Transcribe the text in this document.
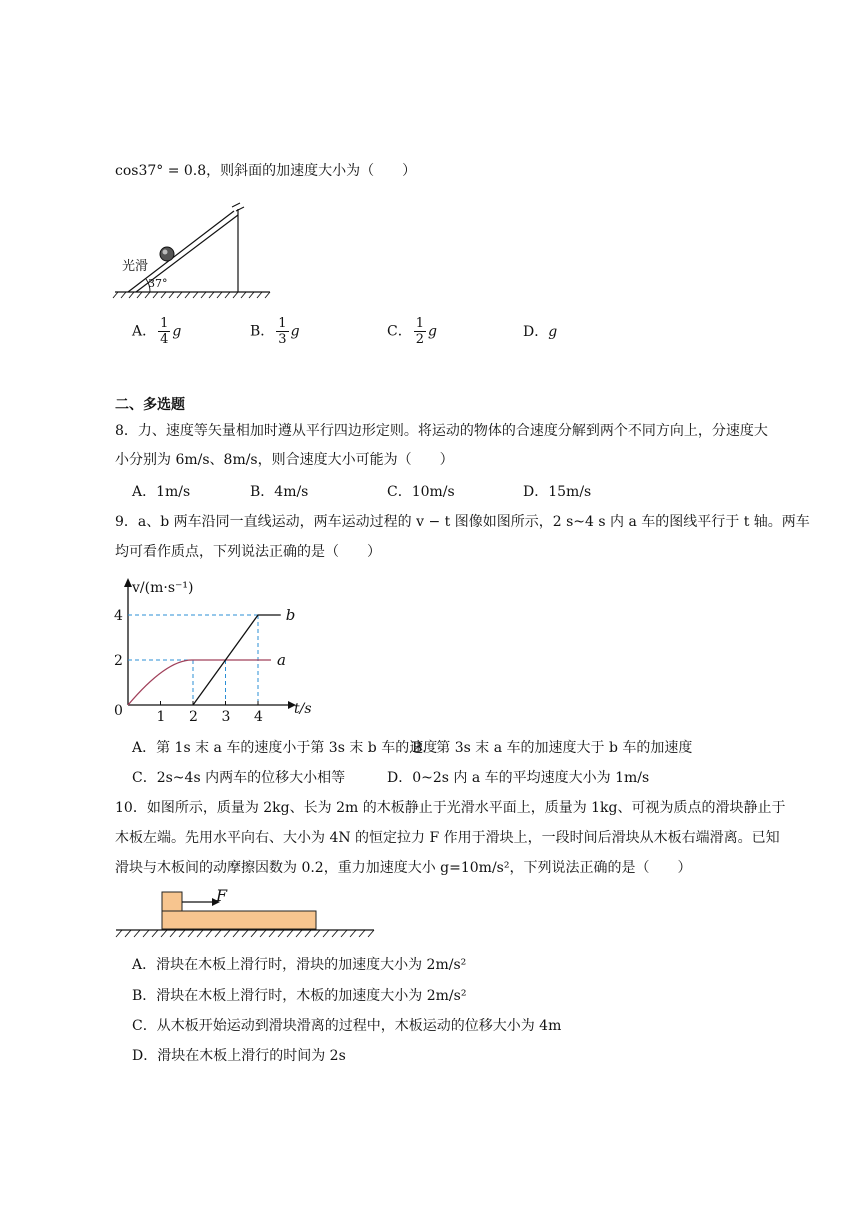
cos37° = 0.8，则斜面的加速度大小为（　　）
光滑
37°
A． $\frac{1}{4}$ g	B． $\frac{1}{3}$ g	C． $\frac{1}{2}$ g	D．g
二、多选题
8．力、速度等矢量相加时遵从平行四边形定则。将运动的物体的合速度分解到两个不同方向上，分速度大
小分别为 6m/s、8m/s，则合速度大小可能为（　　）
A．1m/s	B．4m/s	C．10m/s	D．15m/s
9．a、b 两车沿同一直线运动，两车运动过程的 v − t 图像如图所示，2 s~4 s 内 a 车的图线平行于 t 轴。两车
均可看作质点，下列说法正确的是（　　）
1 2 3 4
2
4
0
v/(m·s⁻¹)
t/s
a
b
A．第 1s 末 a 车的速度小于第 3s 末 b 车的速度
B．第 3s 末 a 车的加速度大于 b 车的加速度
C．2s~4s 内两车的位移大小相等	D．0~2s 内 a 车的平均速度大小为 1m/s
10．如图所示，质量为 2kg、长为 2m 的木板静止于光滑水平面上，质量为 1kg、可视为质点的滑块静止于
木板左端。先用水平向右、大小为 4N 的恒定拉力 F 作用于滑块上，一段时间后滑块从木板右端滑离。已知
滑块与木板间的动摩擦因数为 0.2，重力加速度大小 g=10m/s²，下列说法正确的是（　　）
F
A．滑块在木板上滑行时，滑块的加速度大小为 2m/s²
B．滑块在木板上滑行时，木板的加速度大小为 2m/s²
C．从木板开始运动到滑块滑离的过程中，木板运动的位移大小为 4m
D．滑块在木板上滑行的时间为 2s
